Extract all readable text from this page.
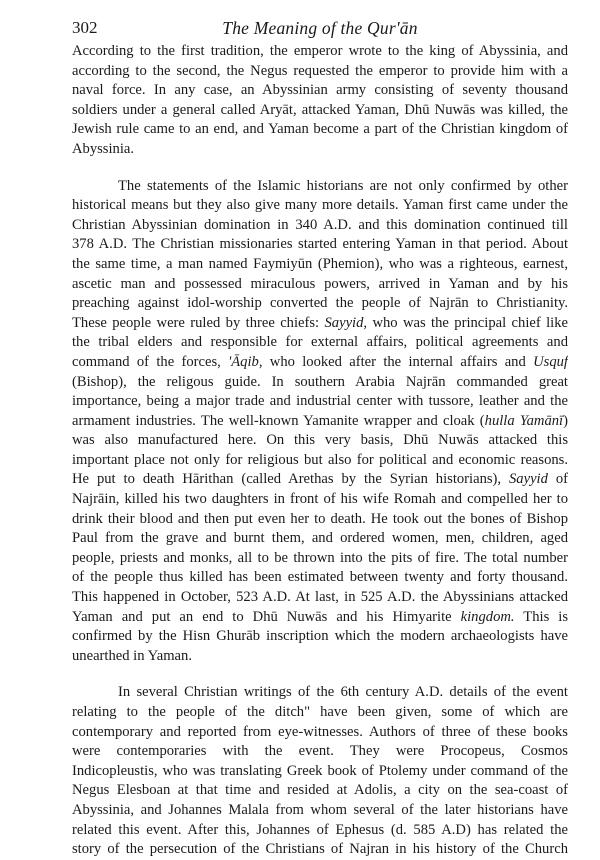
302	The Meaning of the Qur'ān
According to the first tradition, the emperor wrote to the king of Abyssinia, and
according to the second, the Negus requested the emperor to provide him with a
naval force. In any case, an Abyssinian army consisting of seventy thousand
soldiers under a general called Aryāt, attacked Yaman, Dhū Nuwās was killed, the
Jewish rule came to an end, and Yaman become a part of the Christian kingdom of
Abyssinia.
The statements of the Islamic historians are not only confirmed by other
historical means but they also give many more details. Yaman first came under the
Christian Abyssinian domination in 340 A.D. and this domination continued till
378 A.D. The Christian missionaries started entering Yaman in that period. About
the same time, a man named Faymiyūn (Phemion), who was a righteous, earnest,
ascetic man and possessed miraculous powers, arrived in Yaman and by his
preaching against idol-worship converted the people of Najrān to Christianity.
These people were ruled by three chiefs: Sayyid, who was the principal chief like
the tribal elders and responsible for external affairs, political agreements and
command of the forces, 'Āqib, who looked after the internal affairs and Usquf
(Bishop), the religous guide. In southern Arabia Najrān commanded great
importance, being a major trade and industrial center with tussore, leather and the
armament industries. The well-known Yamanite wrapper and cloak (hulla Yamānī)
was also manufactured here. On this very basis, Dhū Nuwās attacked this
important place not only for religious but also for political and economic reasons.
He put to death Hārithan (called Arethas by the Syrian historians), Sayyid of
Najrāin, killed his two daughters in front of his wife Romah and compelled her to
drink their blood and then put even her to death. He took out the bones of Bishop
Paul from the grave and burnt them, and ordered women, men, children, aged
people, priests and monks, all to be thrown into the pits of fire. The total number
of the people thus killed has been estimated between twenty and forty thousand.
This happened in October, 523 A.D. At last, in 525 A.D. the Abyssinians attacked
Yaman and put an end to Dhū Nuwās and his Himyarite kingdom. This is
confirmed by the Hisn Ghurāb inscription which the modern archaeologists have
unearthed in Yaman.
In several Christian writings of the 6th century A.D. details of the event
relating to the people of the ditch" have been given, some of which are
contemporary and reported from eye-witnesses. Authors of three of these books
were contemporaries with the event. They were Procopeus, Cosmos
Indicopleustis, who was translating Greek book of Ptolemy under command of the
Negus Elesboan at that time and resided at Adolis, a city on the sea-coast of
Abyssinia, and Johannes Malala from whom several of the later historians have
related this event. After this, Johannes of Ephesus (d. 585 A.D) has related the
story of the persecution of the Christians of Najran in his history of the Church
